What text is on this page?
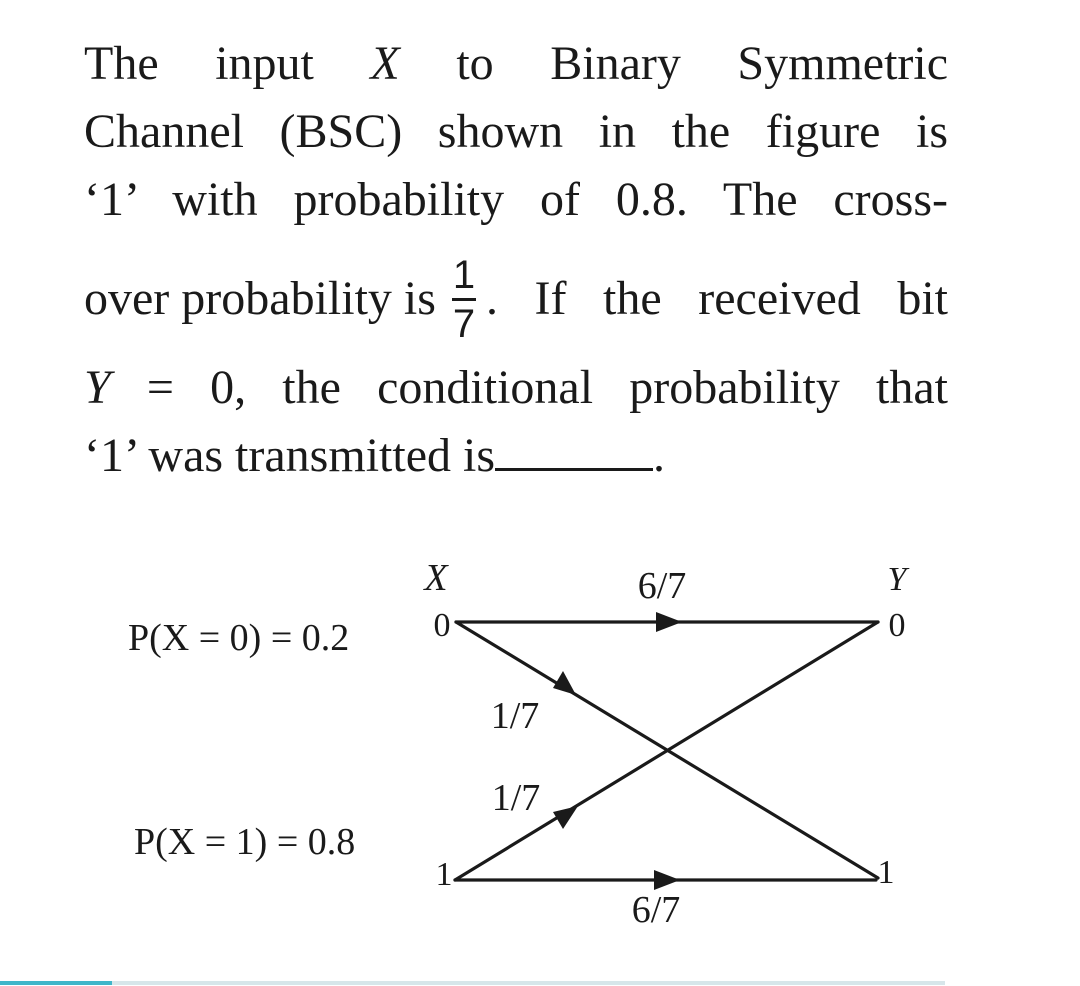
The input X to Binary Symmetric
Channel (BSC) shown in the figure is
‘1’ with probability of 0.8. The cross-
over probability is $\frac{1}{7}$ . If the received bit
Y = 0, the conditional probability that
‘1’ was transmitted is	.
X	Y
0	0
1	1
P(X = 0) = 0.2
P(X = 1) = 0.8
6/7
1/7
1/7
6/7
